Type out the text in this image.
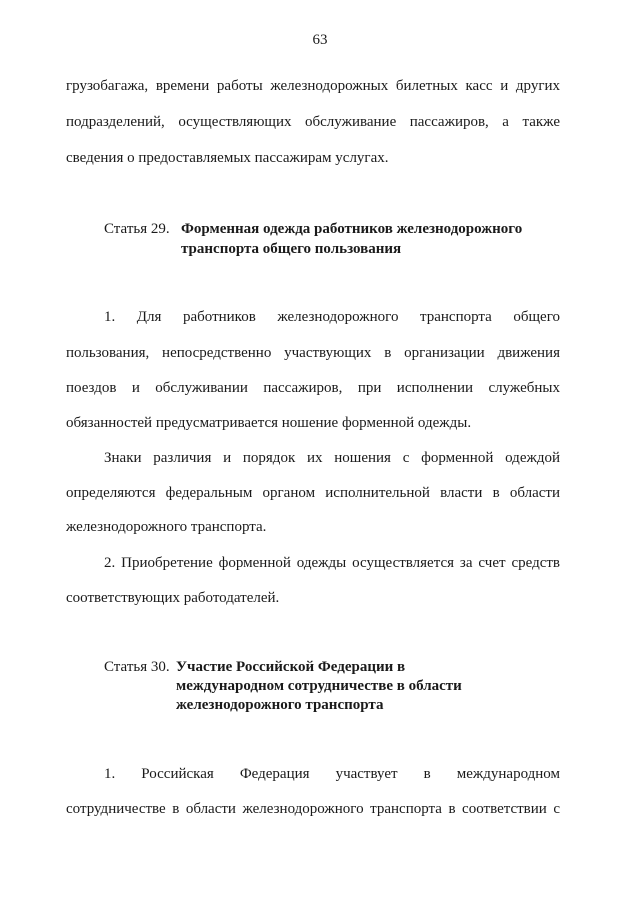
63
грузобагажа, времени работы железнодорожных билетных касс и других
подразделений, осуществляющих обслуживание пассажиров, а также
сведения о предоставляемых пассажирам услугах.
Статья 29. Форменная одежда работников железнодорожного
транспорта общего пользования
1. Для работников железнодорожного транспорта общего
пользования, непосредственно участвующих в организации движения
поездов и обслуживании пассажиров, при исполнении служебных
обязанностей предусматривается ношение форменной одежды.
Знаки различия и порядок их ношения с форменной одеждой
определяются федеральным органом исполнительной власти в области
железнодорожного транспорта.
2. Приобретение форменной одежды осуществляется за счет средств
соответствующих работодателей.
Статья 30. Участие Российской Федерации в
международном сотрудничестве в области
железнодорожного транспорта
1. Российская Федерация участвует в международном
сотрудничестве в области железнодорожного транспорта в соответствии с
